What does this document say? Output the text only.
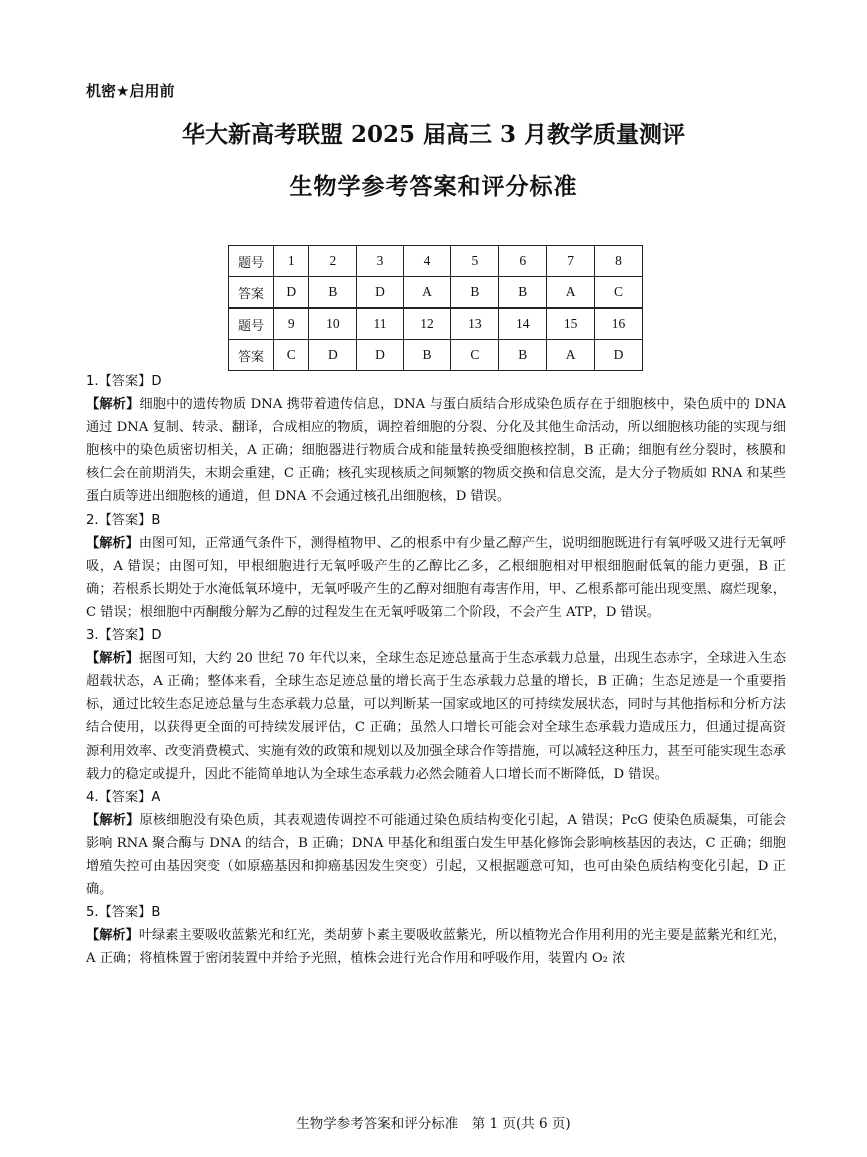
机密★启用前
华大新高考联盟 2025 届高三 3 月教学质量测评
生物学参考答案和评分标准
题号	1	2	3	4	5	6	7	8
答案	D	B	D	A	B	B	A	C
题号	9	10	11	12	13	14	15	16
答案	C	D	D	B	C	B	A	D
1.【答案】D
【解析】细胞中的遗传物质 DNA 携带着遗传信息，DNA 与蛋白质结合形成染色质存在于细胞核中，染色质中的 DNA 通过 DNA 复制、转录、翻译，合成相应的物质，调控着细胞的分裂、分化及其他生命活动，所以细胞核功能的实现与细胞核中的染色质密切相关，A 正确；细胞器进行物质合成和能量转换受细胞核控制，B 正确；细胞有丝分裂时，核膜和核仁会在前期消失，末期会重建，C 正确；核孔实现核质之间频繁的物质交换和信息交流，是大分子物质如 RNA 和某些蛋白质等进出细胞核的通道，但 DNA 不会通过核孔出细胞核，D 错误。
2.【答案】B
【解析】由图可知，正常通气条件下，测得植物甲、乙的根系中有少量乙醇产生，说明细胞既进行有氧呼吸又进行无氧呼吸，A 错误；由图可知，甲根细胞进行无氧呼吸产生的乙醇比乙多，乙根细胞相对甲根细胞耐低氧的能力更强，B 正确；若根系长期处于水淹低氧环境中，无氧呼吸产生的乙醇对细胞有毒害作用，甲、乙根系都可能出现变黑、腐烂现象，C 错误；根细胞中丙酮酸分解为乙醇的过程发生在无氧呼吸第二个阶段，不会产生 ATP，D 错误。
3.【答案】D
【解析】据图可知，大约 20 世纪 70 年代以来，全球生态足迹总量高于生态承载力总量，出现生态赤字，全球进入生态超载状态，A 正确；整体来看，全球生态足迹总量的增长高于生态承载力总量的增长，B 正确；生态足迹是一个重要指标，通过比较生态足迹总量与生态承载力总量，可以判断某一国家或地区的可持续发展状态，同时与其他指标和分析方法结合使用，以获得更全面的可持续发展评估，C 正确；虽然人口增长可能会对全球生态承载力造成压力，但通过提高资源利用效率、改变消费模式、实施有效的政策和规划以及加强全球合作等措施，可以减轻这种压力，甚至可能实现生态承载力的稳定或提升，因此不能简单地认为全球生态承载力必然会随着人口增长而不断降低，D 错误。
4.【答案】A
【解析】原核细胞没有染色质，其表观遗传调控不可能通过染色质结构变化引起，A 错误；PcG 使染色质凝集，可能会影响 RNA 聚合酶与 DNA 的结合，B 正确；DNA 甲基化和组蛋白发生甲基化修饰会影响核基因的表达，C 正确；细胞增殖失控可由基因突变（如原癌基因和抑癌基因发生突变）引起，又根据题意可知，也可由染色质结构变化引起，D 正确。
5.【答案】B
【解析】叶绿素主要吸收蓝紫光和红光，类胡萝卜素主要吸收蓝紫光，所以植物光合作用利用的光主要是蓝紫光和红光，A 正确；将植株置于密闭装置中并给予光照，植株会进行光合作用和呼吸作用，装置内 O₂ 浓
生物学参考答案和评分标准　第 1 页(共 6 页)
